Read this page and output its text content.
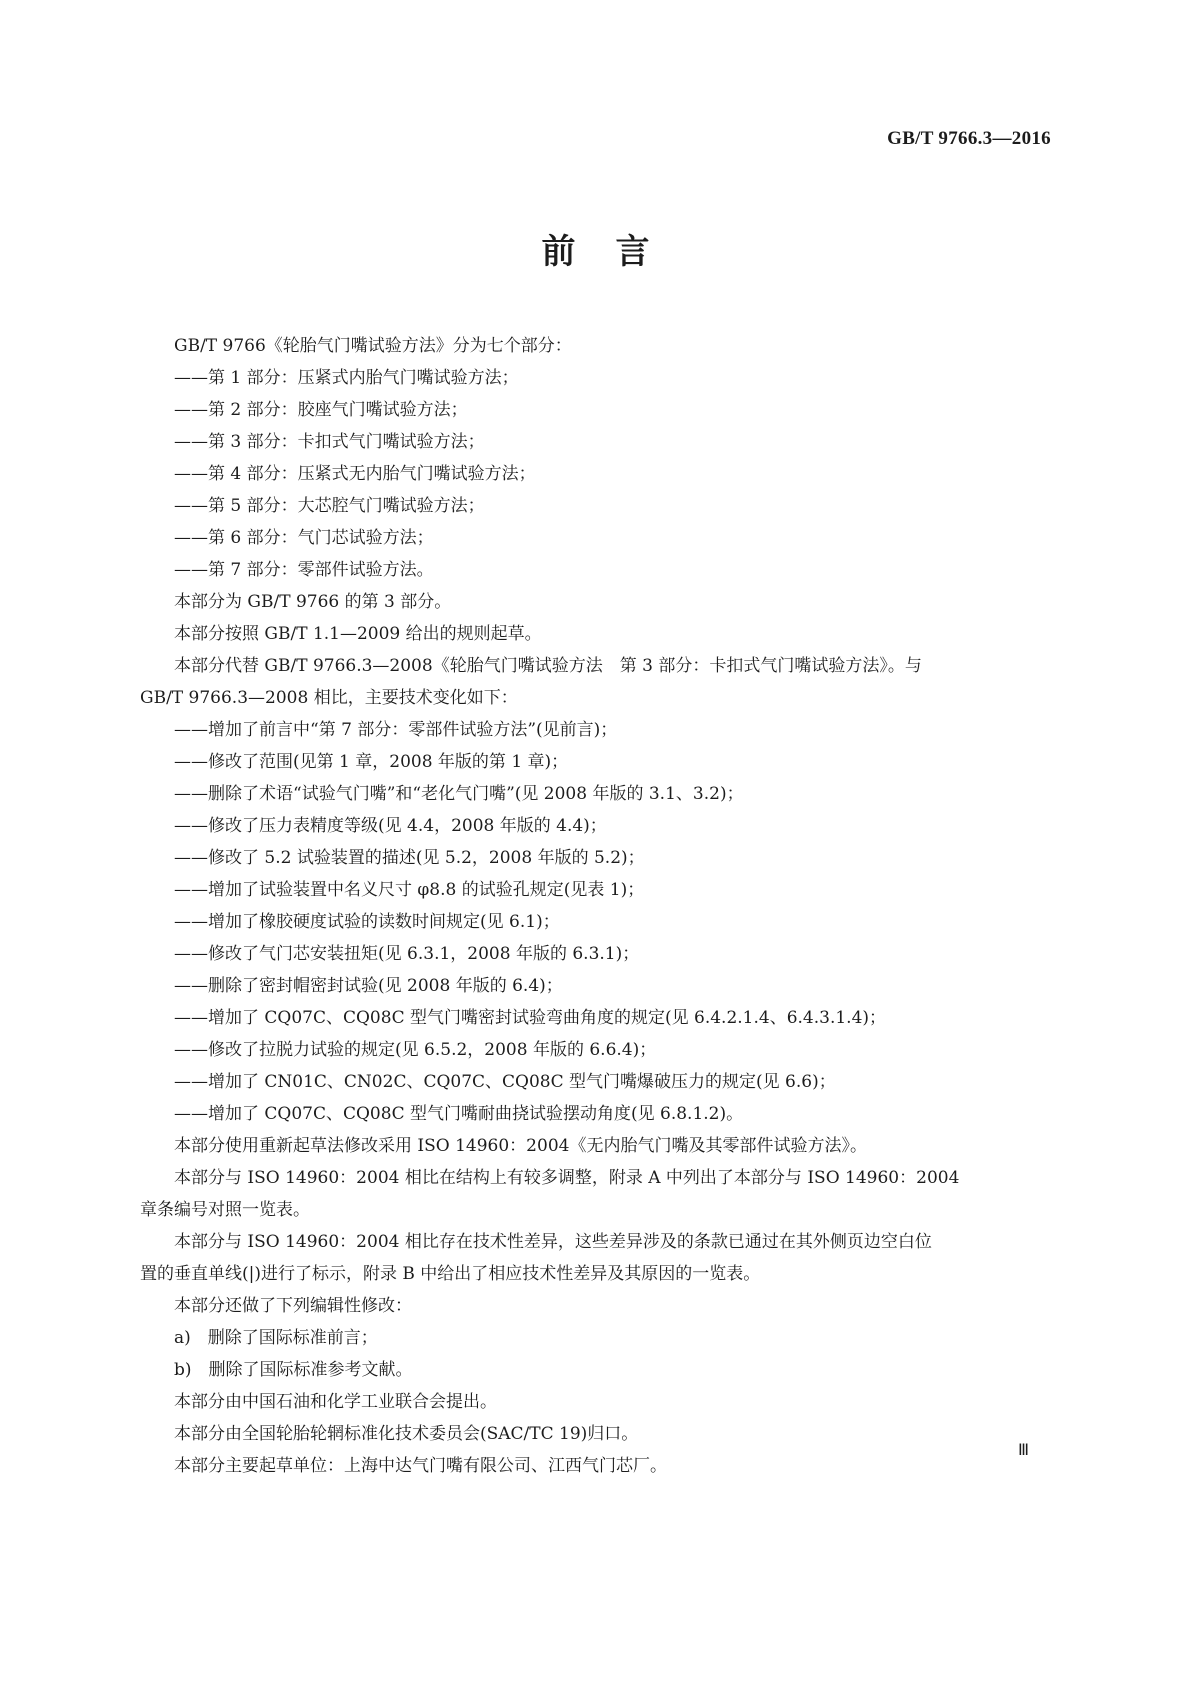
GB/T 9766.3—2016
前言

GB/T 9766《轮胎气门嘴试验方法》分为七个部分：

——第 1 部分：压紧式内胎气门嘴试验方法；

——第 2 部分：胶座气门嘴试验方法；

——第 3 部分：卡扣式气门嘴试验方法；

——第 4 部分：压紧式无内胎气门嘴试验方法；

——第 5 部分：大芯腔气门嘴试验方法；

——第 6 部分：气门芯试验方法；

——第 7 部分：零部件试验方法。

本部分为 GB/T 9766 的第 3 部分。

本部分按照 GB/T 1.1—2009 给出的规则起草。

本部分代替 GB/T 9766.3—2008《轮胎气门嘴试验方法　第 3 部分：卡扣式气门嘴试验方法》。与

GB/T 9766.3—2008 相比，主要技术变化如下：

——增加了前言中“第 7 部分：零部件试验方法”(见前言)；

——修改了范围(见第 1 章，2008 年版的第 1 章)；

——删除了术语“试验气门嘴”和“老化气门嘴”(见 2008 年版的 3.1、3.2)；

——修改了压力表精度等级(见 4.4，2008 年版的 4.4)；

——修改了 5.2 试验装置的描述(见 5.2，2008 年版的 5.2)；

——增加了试验装置中名义尺寸 φ8.8 的试验孔规定(见表 1)；

——增加了橡胶硬度试验的读数时间规定(见 6.1)；

——修改了气门芯安装扭矩(见 6.3.1，2008 年版的 6.3.1)；

——删除了密封帽密封试验(见 2008 年版的 6.4)；

——增加了 CQ07C、CQ08C 型气门嘴密封试验弯曲角度的规定(见 6.4.2.1.4、6.4.3.1.4)；

——修改了拉脱力试验的规定(见 6.5.2，2008 年版的 6.6.4)；

——增加了 CN01C、CN02C、CQ07C、CQ08C 型气门嘴爆破压力的规定(见 6.6)；

——增加了 CQ07C、CQ08C 型气门嘴耐曲挠试验摆动角度(见 6.8.1.2)。

本部分使用重新起草法修改采用 ISO 14960：2004《无内胎气门嘴及其零部件试验方法》。

本部分与 ISO 14960：2004 相比在结构上有较多调整，附录 A 中列出了本部分与 ISO 14960：2004

章条编号对照一览表。

本部分与 ISO 14960：2004 相比存在技术性差异，这些差异涉及的条款已通过在其外侧页边空白位

置的垂直单线(|)进行了标示，附录 B 中给出了相应技术性差异及其原因的一览表。

本部分还做了下列编辑性修改：

a)　删除了国际标准前言；

b)　删除了国际标准参考文献。

本部分由中国石油和化学工业联合会提出。

本部分由全国轮胎轮辋标准化技术委员会(SAC/TC 19)归口。

本部分主要起草单位：上海中达气门嘴有限公司、江西气门芯厂。

Ⅲ
